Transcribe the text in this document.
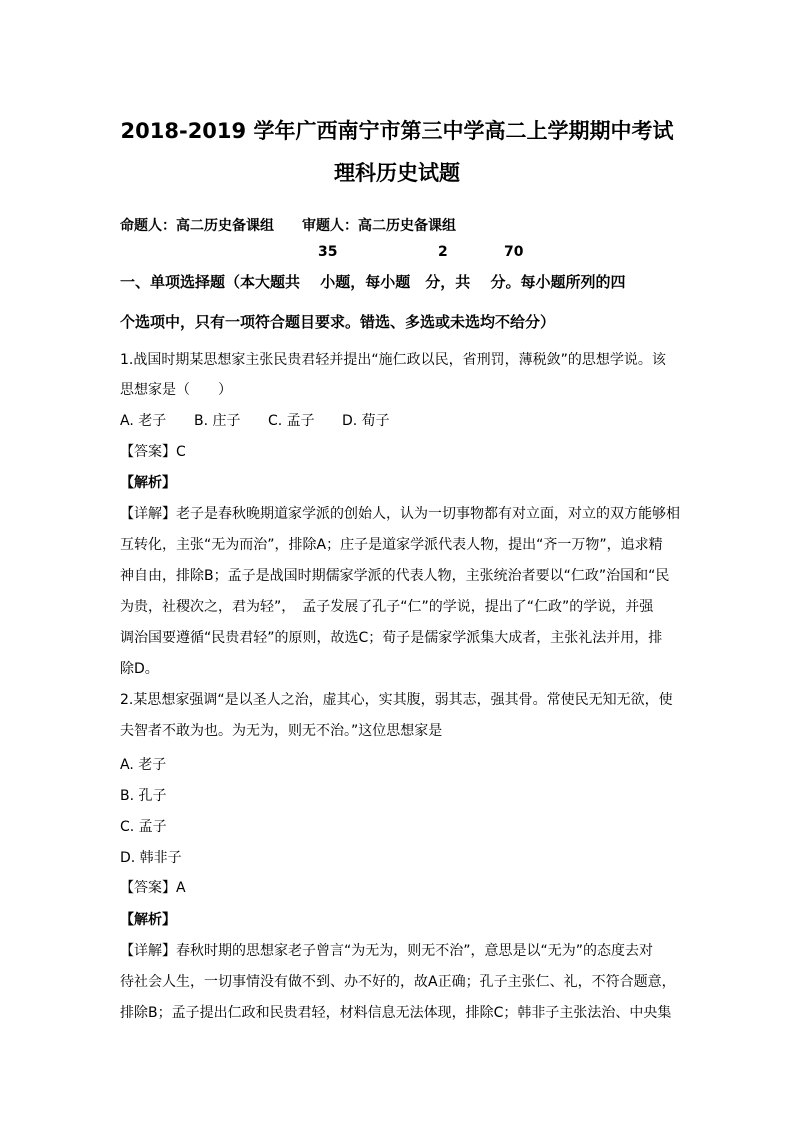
2018-2019 学年广西南宁市第三中学高二上学期期中考试
理科历史试题
命题人：高二历史备课组　　审题人：高二历史备课组
35	2	70
一、单项选择题（本大题共　 小题，每小题　分，共　 分。每小题所列的四
个选项中，只有一项符合题目要求。错选、多选或未选均不给分）
1.战国时期某思想家主张民贵君轻并提出“施仁政以民，省刑罚，薄税敛”的思想学说。该
思想家是（　　）
A. 老子 B. 庄子 C. 孟子 D. 荀子
【答案】C
【解析】
【详解】老子是春秋晚期道家学派的创始人，认为一切事物都有对立面，对立的双方能够相
互转化，主张“无为而治”，排除A；庄子是道家学派代表人物，提出“齐一万物”，追求精
神自由，排除B；孟子是战国时期儒家学派的代表人物，主张统治者要以“仁政”治国和“民
为贵，社稷次之，君为轻”，　孟子发展了孔子“仁”的学说，提出了“仁政”的学说，并强
调治国要遵循“民贵君轻”的原则，故选C；荀子是儒家学派集大成者，主张礼法并用，排
除D。
2.某思想家强调“是以圣人之治，虚其心，实其腹，弱其志，强其骨。常使民无知无欲，使
夫智者不敢为也。为无为，则无不治。”这位思想家是
A. 老子
B. 孔子
C. 孟子
D. 韩非子
【答案】A
【解析】
【详解】春秋时期的思想家老子曾言“为无为，则无不治”，意思是以“无为”的态度去对
待社会人生，一切事情没有做不到、办不好的，故A正确；孔子主张仁、礼，不符合题意，
排除B；孟子提出仁政和民贵君轻，材料信息无法体现，排除C；韩非子主张法治、中央集
